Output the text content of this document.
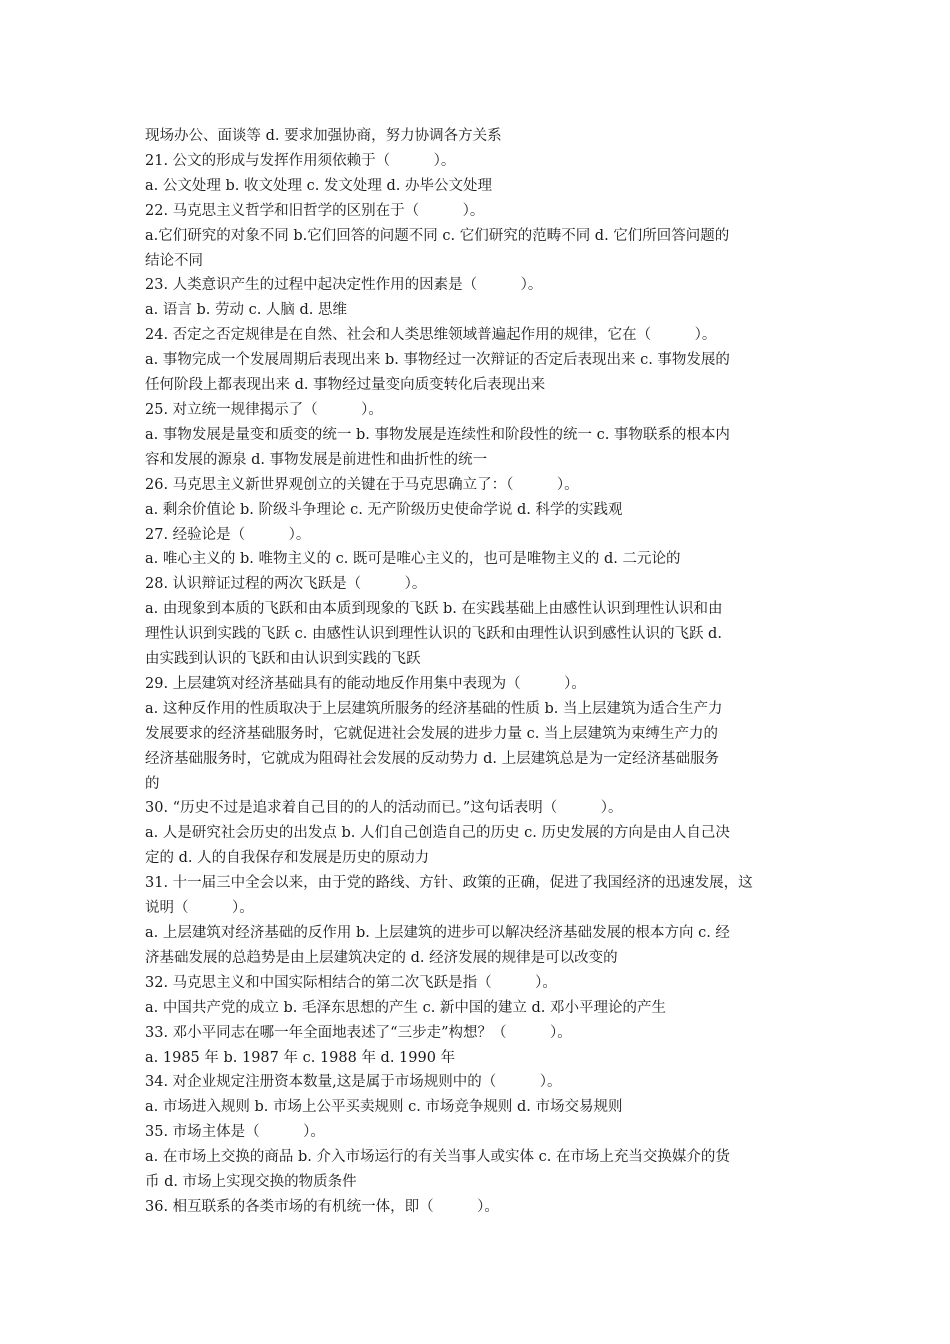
现场办公、面谈等 d. 要求加强协商，努力协调各方关系
21. 公文的形成与发挥作用须依赖于（　　　）。
a. 公文处理 b. 收文处理 c. 发文处理 d. 办毕公文处理
22. 马克思主义哲学和旧哲学的区别在于（　　　）。
a.它们研究的对象不同 b.它们回答的问题不同 c. 它们研究的范畴不同 d. 它们所回答问题的
结论不同
23. 人类意识产生的过程中起决定性作用的因素是（　　　）。
a. 语言 b. 劳动 c. 人脑 d. 思维
24. 否定之否定规律是在自然、社会和人类思维领域普遍起作用的规律，它在（　　　）。
a. 事物完成一个发展周期后表现出来 b. 事物经过一次辩证的否定后表现出来 c. 事物发展的
任何阶段上都表现出来 d. 事物经过量变向质变转化后表现出来
25. 对立统一规律揭示了（　　　）。
a. 事物发展是量变和质变的统一 b. 事物发展是连续性和阶段性的统一 c. 事物联系的根本内
容和发展的源泉 d. 事物发展是前进性和曲折性的统一
26. 马克思主义新世界观创立的关键在于马克思确立了：（　　　）。
a. 剩余价值论 b. 阶级斗争理论 c. 无产阶级历史使命学说 d. 科学的实践观
27. 经验论是（　　　）。
a. 唯心主义的 b. 唯物主义的 c. 既可是唯心主义的，也可是唯物主义的 d. 二元论的
28. 认识辩证过程的两次飞跃是（　　　）。
a. 由现象到本质的飞跃和由本质到现象的飞跃 b. 在实践基础上由感性认识到理性认识和由
理性认识到实践的飞跃 c. 由感性认识到理性认识的飞跃和由理性认识到感性认识的飞跃 d.
由实践到认识的飞跃和由认识到实践的飞跃
29. 上层建筑对经济基础具有的能动地反作用集中表现为（　　　）。
a. 这种反作用的性质取决于上层建筑所服务的经济基础的性质 b. 当上层建筑为适合生产力
发展要求的经济基础服务时，它就促进社会发展的进步力量 c. 当上层建筑为束缚生产力的
经济基础服务时，它就成为阻碍社会发展的反动势力 d. 上层建筑总是为一定经济基础服务
的
30. “历史不过是追求着自己目的的人的活动而已。”这句话表明（　　　）。
a. 人是研究社会历史的出发点 b. 人们自己创造自己的历史 c. 历史发展的方向是由人自己决
定的 d. 人的自我保存和发展是历史的原动力
31. 十一届三中全会以来，由于党的路线、方针、政策的正确，促进了我国经济的迅速发展，这
说明（　　　）。
a. 上层建筑对经济基础的反作用 b. 上层建筑的进步可以解决经济基础发展的根本方向 c. 经
济基础发展的总趋势是由上层建筑决定的 d. 经济发展的规律是可以改变的
32. 马克思主义和中国实际相结合的第二次飞跃是指（　　　）。
a. 中国共产党的成立 b. 毛泽东思想的产生 c. 新中国的建立 d. 邓小平理论的产生
33. 邓小平同志在哪一年全面地表述了“三步走”构想？（　　　）。
a. 1985 年 b. 1987 年 c. 1988 年 d. 1990 年
34. 对企业规定注册资本数量,这是属于市场规则中的（　　　）。
a. 市场进入规则 b. 市场上公平买卖规则 c. 市场竞争规则 d. 市场交易规则
35. 市场主体是（　　　）。
a. 在市场上交换的商品 b. 介入市场运行的有关当事人或实体 c. 在市场上充当交换媒介的货
币 d. 市场上实现交换的物质条件
36. 相互联系的各类市场的有机统一体，即（　　　）。
